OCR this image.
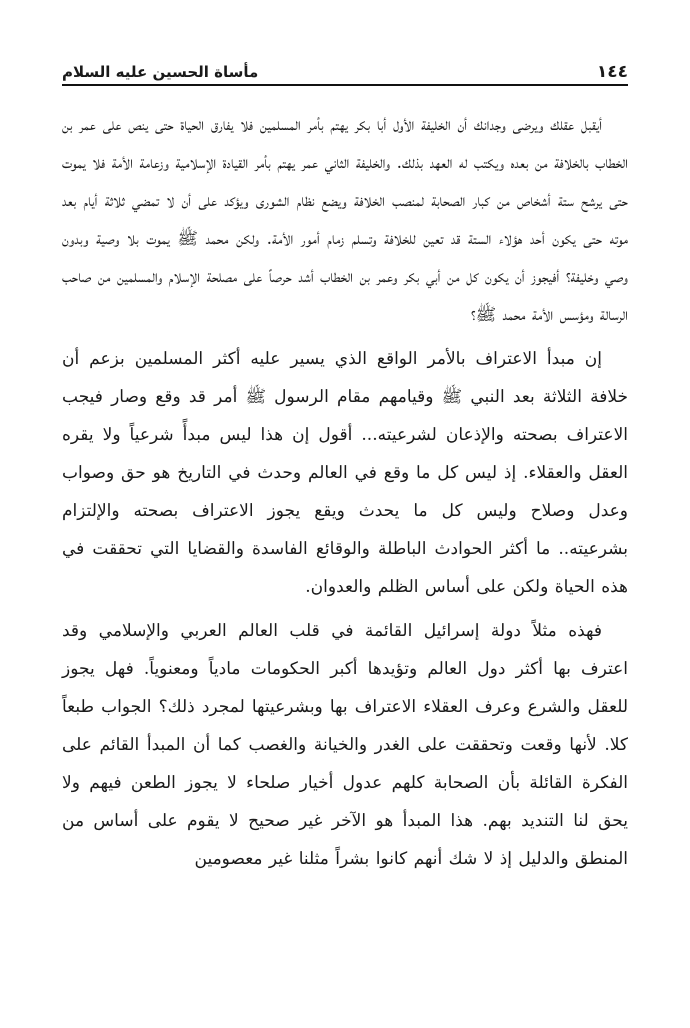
١٤٤
مأساة الحسين عليه السلام

أيقبل عقلك ويرضى وجدانك أن الخليفة الأول أبا بكر يهتم بأمر المسلمين فلا يفارق الحياة حتى ينص على عمر بن الخطاب بالخلافة من بعده ويكتب له العهد بذلك. والخليفة الثاني عمر يهتم بأمر القيادة الإسلامية وزعامة الأمة فلا يموت حتى يرشح ستة أشخاص من كبار الصحابة لمنصب الخلافة ويضع نظام الشورى ويؤكد على أن لا تمضي ثلاثة أيام بعد موته حتى يكون أحد هؤلاء الستة قد تعين للخلافة وتسلم زمام أمور الأمة. ولكن محمد ﷺ يموت بلا وصية وبدون وصي وخليفة؟ أفيجوز أن يكون كل من أبي بكر وعمر بن الخطاب أشد حرصاً على مصلحة الإسلام والمسلمين من صاحب الرسالة ومؤسس الأمة محمد ﷺ؟

إن مبدأ الاعتراف بالأمر الواقع الذي يسير عليه أكثر المسلمين بزعم أن خلافة الثلاثة بعد النبي ﷺ وقيامهم مقام الرسول ﷺ أمر قد وقع وصار فيجب الاعتراف بصحته والإذعان لشرعيته... أقول إن هذا ليس مبدأً شرعياً ولا يقره العقل والعقلاء. إذ ليس كل ما وقع في العالم وحدث في التاريخ هو حق وصواب وعدل وصلاح وليس كل ما يحدث ويقع يجوز الاعتراف بصحته والإلتزام بشرعيته.. ما أكثر الحوادث الباطلة والوقائع الفاسدة والقضايا التي تحققت في هذه الحياة ولكن على أساس الظلم والعدوان.

فهذه مثلاً دولة إسرائيل القائمة في قلب العالم العربي والإسلامي وقد اعترف بها أكثر دول العالم وتؤيدها أكبر الحكومات مادياً ومعنوياً. فهل يجوز للعقل والشرع وعرف العقلاء الاعتراف بها وبشرعيتها لمجرد ذلك؟ الجواب طبعاً كلا. لأنها وقعت وتحققت على الغدر والخيانة والغصب كما أن المبدأ القائم على الفكرة القائلة بأن الصحابة كلهم عدول أخيار صلحاء لا يجوز الطعن فيهم ولا يحق لنا التنديد بهم. هذا المبدأ هو الآخر غير صحيح لا يقوم على أساس من المنطق والدليل إذ لا شك أنهم كانوا بشراً مثلنا غير معصومين
